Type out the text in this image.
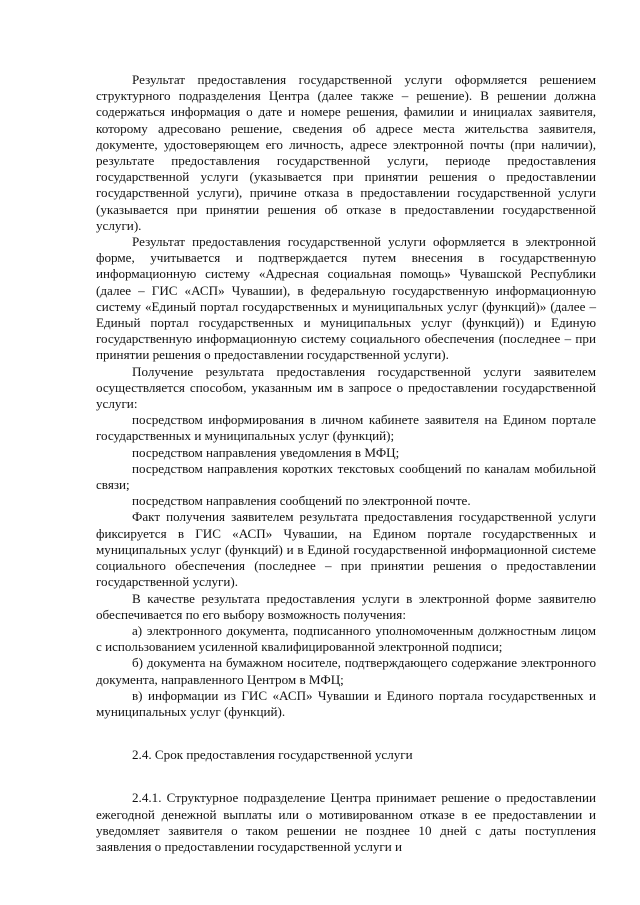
Результат предоставления государственной услуги оформляется решением структурного подразделения Центра (далее также – решение). В решении должна содержаться информация о дате и номере решения, фамилии и инициалах заявителя, которому адресовано решение, сведения об адресе места жительства заявителя, документе, удостоверяющем его личность, адресе электронной почты (при наличии), результате предоставления государственной услуги, периоде предоставления государственной услуги (указывается при принятии решения о предоставлении государственной услуги), причине отказа в предоставлении государственной услуги (указывается при принятии решения об отказе в предоставлении государственной услуги).

Результат предоставления государственной услуги оформляется в электронной форме, учитывается и подтверждается путем внесения в государственную информационную систему «Адресная социальная помощь» Чувашской Республики (далее – ГИС «АСП» Чувашии), в федеральную государственную информационную систему «Единый портал государственных и муниципальных услуг (функций)» (далее – Единый портал государственных и муниципальных услуг (функций)) и Единую государственную информационную систему социального обеспечения (последнее – при принятии решения о предоставлении государственной услуги).

Получение результата предоставления государственной услуги заявителем осуществляется способом, указанным им в запросе о предоставлении государственной услуги:

посредством информирования в личном кабинете заявителя на Едином портале государственных и муниципальных услуг (функций);

посредством направления уведомления в МФЦ;

посредством направления коротких текстовых сообщений по каналам мобильной связи;

посредством направления сообщений по электронной почте.

Факт получения заявителем результата предоставления государственной услуги фиксируется в ГИС «АСП» Чувашии, на Едином портале государственных и муниципальных услуг (функций) и в Единой государственной информационной системе социального обеспечения (последнее – при принятии решения о предоставлении государственной услуги).

В качестве результата предоставления услуги в электронной форме заявителю обеспечивается по его выбору возможность получения:

а) электронного документа, подписанного уполномоченным должностным лицом с использованием усиленной квалифицированной электронной подписи;

б) документа на бумажном носителе, подтверждающего содержание электронного документа, направленного Центром в МФЦ;

в) информации из ГИС «АСП» Чувашии и Единого портала государственных и муниципальных услуг (функций).

2.4. Срок предоставления государственной услуги

2.4.1. Структурное подразделение Центра принимает решение о предоставлении ежегодной денежной выплаты или о мотивированном отказе в ее предоставлении и уведомляет заявителя о таком решении не позднее 10 дней с даты поступления заявления о предоставлении государственной услуги и
